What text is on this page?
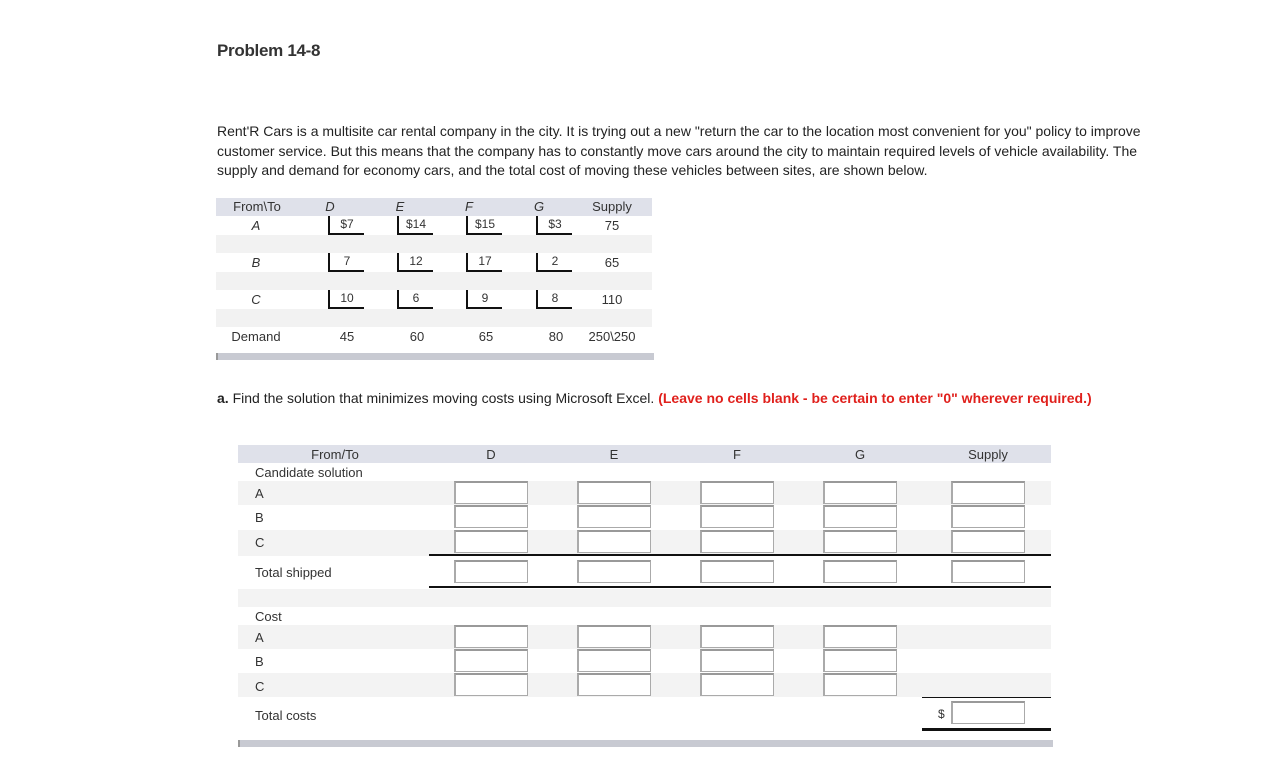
Problem 14-8
Rent'R Cars is a multisite car rental company in the city. It is trying out a new "return the car to the location most convenient for you" policy to improve customer service. But this means that the company has to constantly move cars around the city to maintain required levels of vehicle availability. The supply and demand for economy cars, and the total cost of moving these vehicles between sites, are shown below.
From\To	D	E	F	G	Supply
A	$7	$14	$15	$3	75
B	7	12	17	2	65
C	10	6	9	8	110
Demand	45	60	65	80	250\250
a. Find the solution that minimizes moving costs using Microsoft Excel. (Leave no cells blank - be certain to enter "0" wherever required.)
From/To	D	E	F	G	Supply
Candidate solution
A
B
C
Total shipped
Cost
A
B
C
Total costs	$
